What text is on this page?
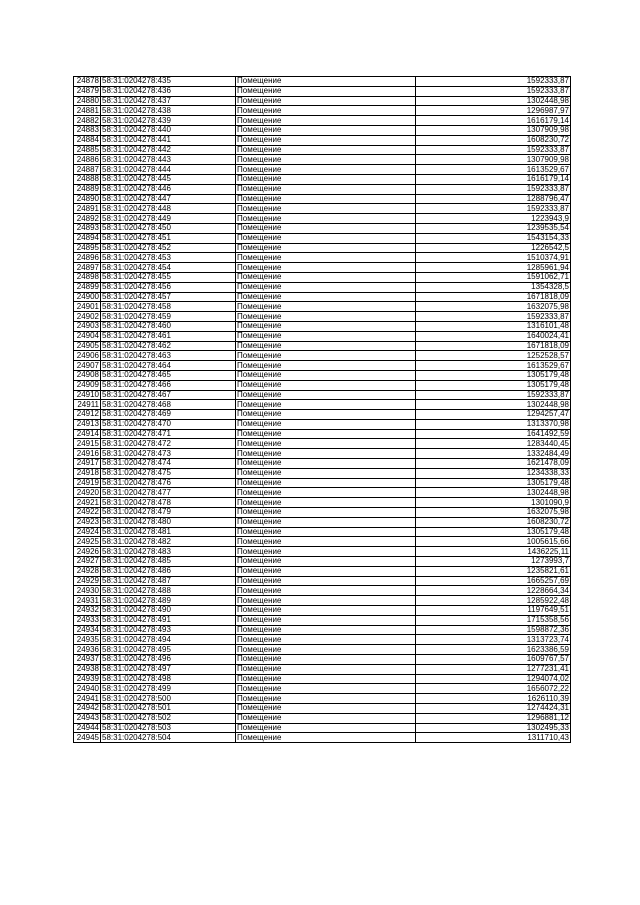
24878	58:31:0204278:435	Помещение	1592333,87
24879	58:31:0204278:436	Помещение	1592333,87
24880	58:31:0204278:437	Помещение	1302448,98
24881	58:31:0204278:438	Помещение	1296987,97
24882	58:31:0204278:439	Помещение	1616179,14
24883	58:31:0204278:440	Помещение	1307909,98
24884	58:31:0204278:441	Помещение	1608230,72
24885	58:31:0204278:442	Помещение	1592333,87
24886	58:31:0204278:443	Помещение	1307909,98
24887	58:31:0204278:444	Помещение	1613529,67
24888	58:31:0204278:445	Помещение	1616179,14
24889	58:31:0204278:446	Помещение	1592333,87
24890	58:31:0204278:447	Помещение	1288796,47
24891	58:31:0204278:448	Помещение	1592333,87
24892	58:31:0204278:449	Помещение	1223943,9
24893	58:31:0204278:450	Помещение	1239535,54
24894	58:31:0204278:451	Помещение	1543154,33
24895	58:31:0204278:452	Помещение	1226542,5
24896	58:31:0204278:453	Помещение	1510374,91
24897	58:31:0204278:454	Помещение	1285961,94
24898	58:31:0204278:455	Помещение	1591062,71
24899	58:31:0204278:456	Помещение	1354328,5
24900	58:31:0204278:457	Помещение	1671818,09
24901	58:31:0204278:458	Помещение	1632075,98
24902	58:31:0204278:459	Помещение	1592333,87
24903	58:31:0204278:460	Помещение	1316101,48
24904	58:31:0204278:461	Помещение	1640024,41
24905	58:31:0204278:462	Помещение	1671818,09
24906	58:31:0204278:463	Помещение	1252528,57
24907	58:31:0204278:464	Помещение	1613529,67
24908	58:31:0204278:465	Помещение	1305179,48
24909	58:31:0204278:466	Помещение	1305179,48
24910	58:31:0204278:467	Помещение	1592333,87
24911	58:31:0204278:468	Помещение	1302448,98
24912	58:31:0204278:469	Помещение	1294257,47
24913	58:31:0204278:470	Помещение	1313370,98
24914	58:31:0204278:471	Помещение	1641492,59
24915	58:31:0204278:472	Помещение	1283440,45
24916	58:31:0204278:473	Помещение	1332484,49
24917	58:31:0204278:474	Помещение	1621478,09
24918	58:31:0204278:475	Помещение	1234338,33
24919	58:31:0204278:476	Помещение	1305179,48
24920	58:31:0204278:477	Помещение	1302448,98
24921	58:31:0204278:478	Помещение	1301090,9
24922	58:31:0204278:479	Помещение	1632075,98
24923	58:31:0204278:480	Помещение	1608230,72
24924	58:31:0204278:481	Помещение	1305179,48
24925	58:31:0204278:482	Помещение	1005615,66
24926	58:31:0204278:483	Помещение	1436225,11
24927	58:31:0204278:485	Помещение	1273993,7
24928	58:31:0204278:486	Помещение	1235821,61
24929	58:31:0204278:487	Помещение	1665257,69
24930	58:31:0204278:488	Помещение	1228664,34
24931	58:31:0204278:489	Помещение	1285922,48
24932	58:31:0204278:490	Помещение	1197649,51
24933	58:31:0204278:491	Помещение	1715358,56
24934	58:31:0204278:493	Помещение	1598872,36
24935	58:31:0204278:494	Помещение	1313723,74
24936	58:31:0204278:495	Помещение	1623386,59
24937	58:31:0204278:496	Помещение	1609767,57
24938	58:31:0204278:497	Помещение	1277231,41
24939	58:31:0204278:498	Помещение	1294074,02
24940	58:31:0204278:499	Помещение	1656072,22
24941	58:31:0204278:500	Помещение	1626110,39
24942	58:31:0204278:501	Помещение	1274424,31
24943	58:31:0204278:502	Помещение	1296881,12
24944	58:31:0204278:503	Помещение	1302495,33
24945	58:31:0204278:504	Помещение	1311710,43
